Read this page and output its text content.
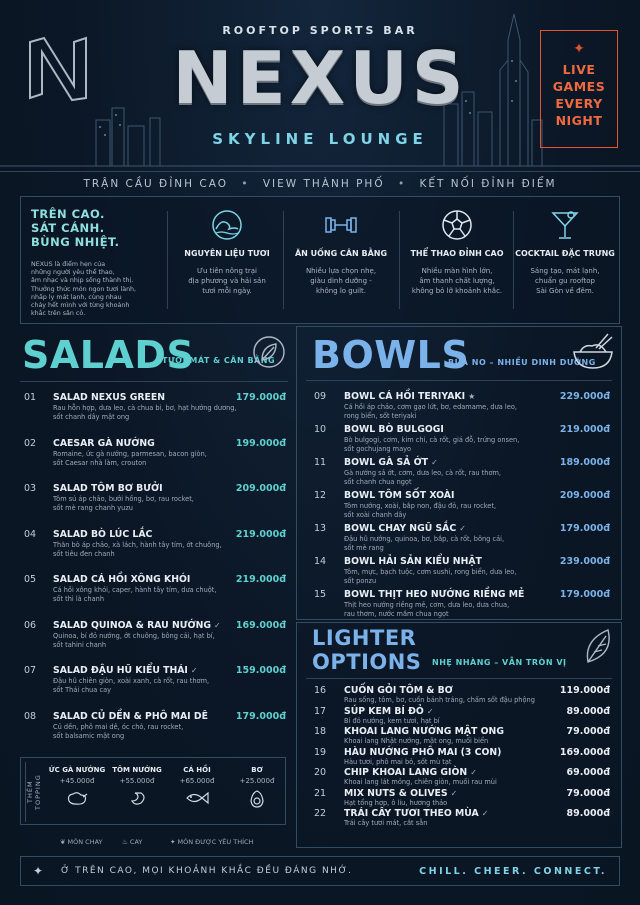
ROOFTOP SPORTS BAR
NEXUS
SKYLINE LOUNGE
✦
LIVE
GAMES
EVERY
NIGHT
TRẬN CẦU ĐỈNH CAO • VIEW THÀNH PHỐ • KẾT NỐI ĐỈNH ĐIỂM
TRÊN CAO.
SÁT CÁNH.
BÙNG NHIỆT.
NEXUS là điểm hẹn của
những người yêu thể thao,
âm nhạc và nhịp sống thành thị.
Thưởng thức món ngon tươi lành,
nhấp ly mát lạnh, cùng nhau
cháy hết mình với từng khoảnh
khắc trên sân cỏ.
NGUYÊN LIỆU TƯƠI
Ưu tiên nông trại
địa phương và hải sản
tươi mỗi ngày.
ĂN UỐNG CÂN BẰNG
Nhiều lựa chọn nhẹ,
giàu dinh dưỡng -
không lo guilt.
THỂ THAO ĐỈNH CAO
Nhiều màn hình lớn,
âm thanh chất lượng,
không bỏ lỡ khoảnh khắc.
COCKTAIL ĐẶC TRƯNG
Sáng tạo, mát lạnh,
chuẩn gu rooftop
Sài Gòn về đêm.
SALADS
TƯƠI MÁT & CÂN BẰNG
01 SALAD NEXUS GREEN
Rau hỗn hợp, dưa leo, cà chua bi, bơ, hạt hướng dương,
sốt chanh dây mật ong
179.000đ
02 CAESAR GÀ NƯỚNG
Romaine, ức gà nướng, parmesan, bacon giòn,
sốt Caesar nhà làm, crouton
199.000đ
03 SALAD TÔM BƠ BƯỞI
Tôm sú áp chảo, bưởi hồng, bơ, rau rocket,
sốt mè rang chanh yuzu
209.000đ
04 SALAD BÒ LÚC LẮC
Thăn bò áp chảo, xà lách, hành tây tím, ớt chuông,
sốt tiêu đen chanh
219.000đ
05 SALAD CÁ HỒI XÔNG KHÓI
Cá hồi xông khói, caper, hành tây tím, dưa chuột,
sốt thì là chanh
219.000đ
06 SALAD QUINOA & RAU NƯỚNG ✓
Quinoa, bí đỏ nướng, ớt chuông, bông cải, hạt bí,
sốt tahini chanh
169.000đ
07 SALAD ĐẬU HŨ KIỂU THÁI ✓
Đậu hũ chiên giòn, xoài xanh, cà rốt, rau thơm,
sốt Thái chua cay
159.000đ
08 SALAD CỦ DỀN & PHÔ MAI DÊ
Củ dền, phô mai dê, óc chó, rau rocket,
sốt balsamic mật ong
179.000đ
THÊM TOPPING
ỨC GÀ NƯỚNG
+45.000đ
TÔM NƯỚNG
+55.000đ
CÁ HỒI
+65.000đ
BƠ
+25.000đ
❦ MÓN CHAY	♨ CAY	✦ MÓN ĐƯỢC YÊU THÍCH
BOWLS
BỮA NO – NHIỀU DINH DƯỠNG
09 BOWL CÁ HỒI TERIYAKI ★
Cá hồi áp chảo, cơm gạo lứt, bơ, edamame, dưa leo,
rong biển, sốt teriyaki
229.000đ
10 BOWL BÒ BULGOGI
Bò bulgogi, cơm, kim chi, cà rốt, giá đỗ, trứng onsen,
sốt gochujang mayo
219.000đ
11 BOWL GÀ SẢ ỚT ✓
Gà nướng sả ớt, cơm, dưa leo, cà rốt, rau thơm,
sốt chanh chua ngọt
189.000đ
12 BOWL TÔM SỐT XOÀI
Tôm nướng, xoài, bắp non, đậu đỏ, rau rocket,
sốt xoài chanh dây
209.000đ
13 BOWL CHAY NGŨ SẮC ✓
Đậu hũ nướng, quinoa, bơ, bắp, cà rốt, bông cải,
sốt mè rang
179.000đ
14 BOWL HẢI SẢN KIỂU NHẬT
Tôm, mực, bạch tuộc, cơm sushi, rong biển, dưa leo,
sốt ponzu
239.000đ
15 BOWL THỊT HEO NƯỚNG RIỀNG MẺ
Thịt heo nướng riềng mẻ, cơm, dưa leo, dưa chua,
rau thơm, nước mắm chua ngọt
179.000đ
LIGHTER
OPTIONS NHẸ NHÀNG – VẪN TRÒN VỊ
16 CUỐN GỎI TÔM & BƠ
Rau sống, tôm, bơ, cuốn bánh tráng, chấm sốt đậu phộng
119.000đ
17 SÚP KEM BÍ ĐỎ ✓
Bí đỏ nướng, kem tươi, hạt bí
89.000đ
18 KHOAI LANG NƯỚNG MẬT ONG
Khoai lang Nhật nướng, mật ong, muối biển
79.000đ
19 HÀU NƯỚNG PHÔ MAI (3 CON)
Hàu tươi, phô mai bỏ, sốt mù tạt
169.000đ
20 CHIP KHOAI LANG GIÒN ✓
Khoai lang lát mỏng, chiên giòn, muối rau mùi
69.000đ
21 MIX NUTS & OLIVES ✓
Hạt tổng hợp, ô liu, hương thảo
79.000đ
22 TRÁI CÂY TƯƠI THEO MÙA ✓
Trái cây tươi mát, cắt sẵn
89.000đ
✦ Ở TRÊN CAO, MỌI KHOẢNH KHẮC ĐỀU ĐÁNG NHỚ.	CHILL. CHEER. CONNECT.
